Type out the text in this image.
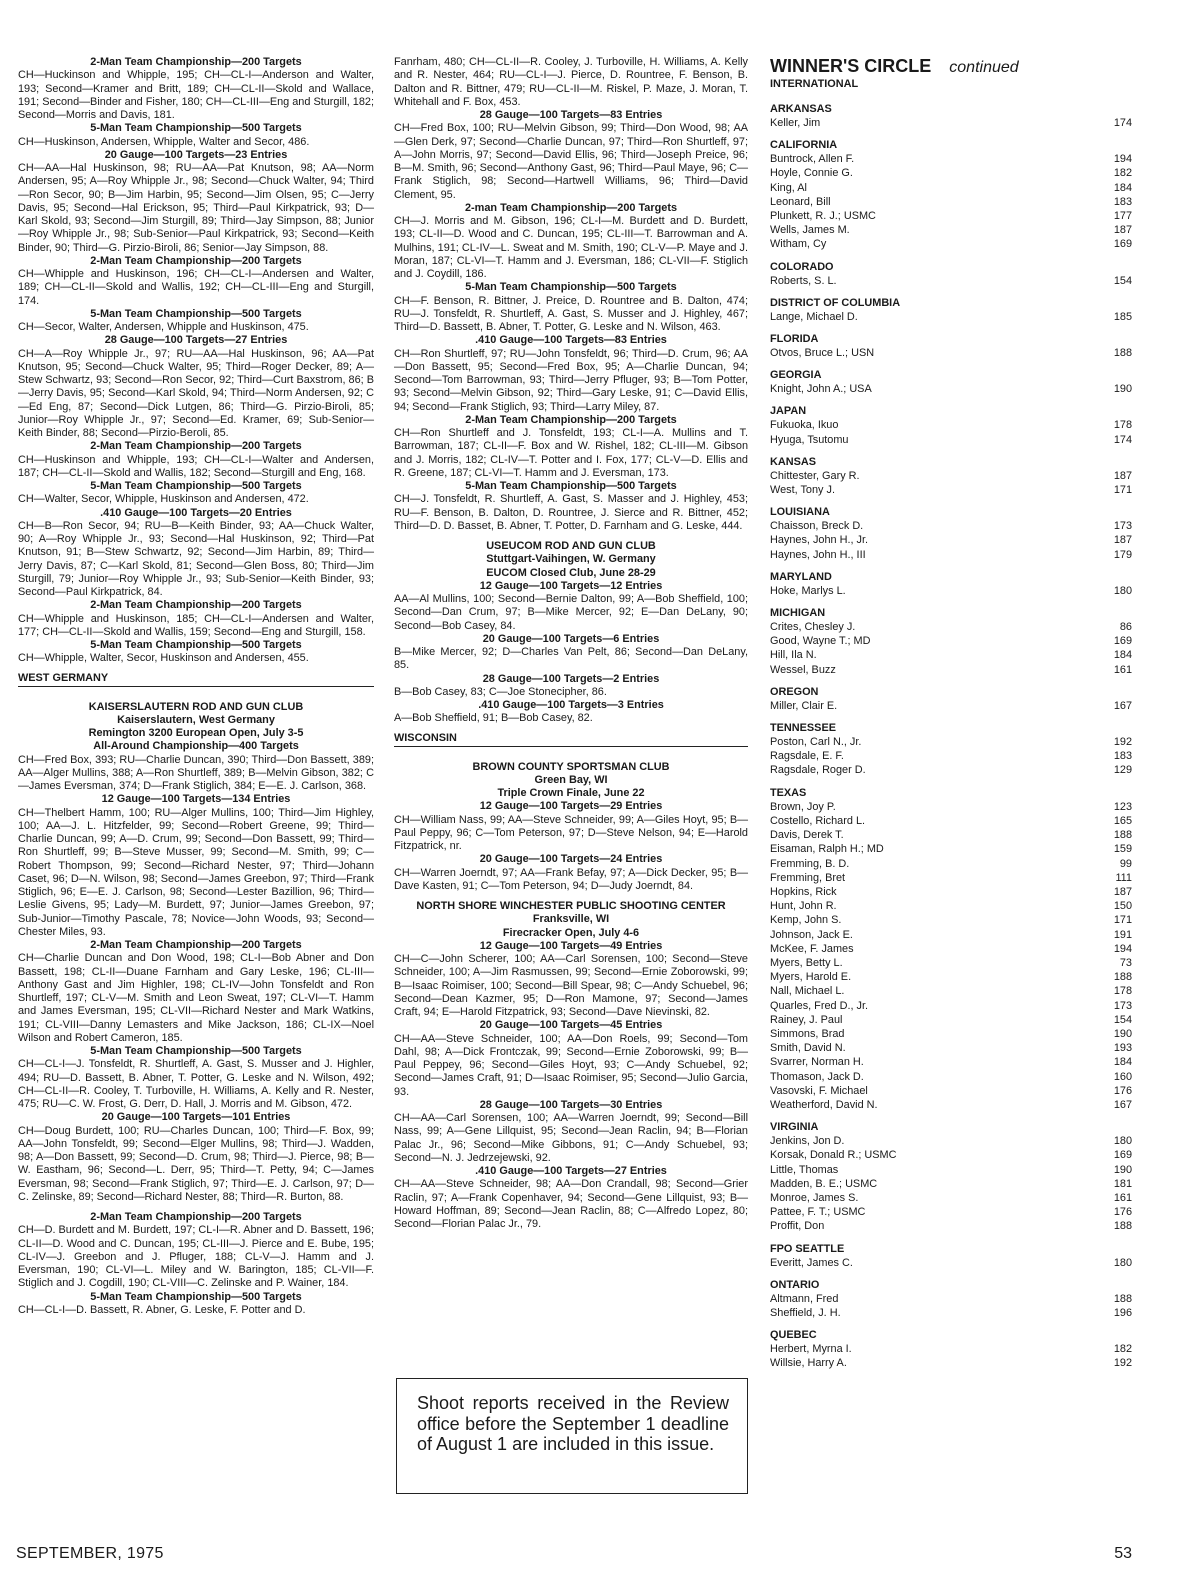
2-Man Team Championship—200 Targets
CH—Huckinson and Whipple, 195; CH—CL-I—Anderson and Walter, 193; Second—Kramer and Britt, 189; CH—CL-II—Skold and Wallace, 191; Second—Binder and Fisher, 180; CH—CL-III—Eng and Sturgill, 182; Second—Morris and Davis, 181.
5-Man Team Championship—500 Targets
CH—Huskinson, Andersen, Whipple, Walter and Secor, 486.
20 Gauge—100 Targets—23 Entries
CH—AA—Hal Huskinson, 98; RU—AA—Pat Knutson, 98; AA—Norm Andersen, 95; A—Roy Whipple Jr., 98; Second—Chuck Walter, 94; Third—Ron Secor, 90; B—Jim Harbin, 95; Second—Jim Olsen, 95; C—Jerry Davis, 95; Second—Hal Erickson, 95; Third—Paul Kirkpatrick, 93; D—Karl Skold, 93; Second—Jim Sturgill, 89; Third—Jay Simpson, 88; Junior—Roy Whipple Jr., 98; Sub-Senior—Paul Kirkpatrick, 93; Second—Keith Binder, 90; Third—G. Pirzio-Biroli, 86; Senior—Jay Simpson, 88.
2-Man Team Championship—200 Targets
CH—Whipple and Huskinson, 196; CH—CL-I—Andersen and Walter, 189; CH—CL-II—Skold and Wallis, 192; CH—CL-III—Eng and Sturgill, 174.
5-Man Team Championship—500 Targets
CH—Secor, Walter, Andersen, Whipple and Huskinson, 475.
28 Gauge—100 Targets—27 Entries
CH—A—Roy Whipple Jr., 97; RU—AA—Hal Huskinson, 96; AA—Pat Knutson, 95; Second—Chuck Walter, 95; Third—Roger Decker, 89; A—Stew Schwartz, 93; Second—Ron Secor, 92; Third—Curt Baxstrom, 86; B—Jerry Davis, 95; Second—Karl Skold, 94; Third—Norm Andersen, 92; C—Ed Eng, 87; Second—Dick Lutgen, 86; Third—G. Pirzio-Biroli, 85; Junior—Roy Whipple Jr., 97; Second—Ed. Kramer, 69; Sub-Senior—Keith Binder, 88; Second—Pirzio-Beroli, 85.
2-Man Team Championship—200 Targets
CH—Huskinson and Whipple, 193; CH—CL-I—Walter and Andersen, 187; CH—CL-II—Skold and Wallis, 182; Second—Sturgill and Eng, 168.
5-Man Team Championship—500 Targets
CH—Walter, Secor, Whipple, Huskinson and Andersen, 472.
.410 Gauge—100 Targets—20 Entries
CH—B—Ron Secor, 94; RU—B—Keith Binder, 93; AA—Chuck Walter, 90; A—Roy Whipple Jr., 93; Second—Hal Huskinson, 92; Third—Pat Knutson, 91; B—Stew Schwartz, 92; Second—Jim Harbin, 89; Third—Jerry Davis, 87; C—Karl Skold, 81; Second—Glen Boss, 80; Third—Jim Sturgill, 79; Junior—Roy Whipple Jr., 93; Sub-Senior—Keith Binder, 93; Second—Paul Kirkpatrick, 84.
2-Man Team Championship—200 Targets
CH—Whipple and Huskinson, 185; CH—CL-I—Andersen and Walter, 177; CH—CL-II—Skold and Wallis, 159; Second—Eng and Sturgill, 158.
5-Man Team Championship—500 Targets
CH—Whipple, Walter, Secor, Huskinson and Andersen, 455.
WEST GERMANY
KAISERSLAUTERN ROD AND GUN CLUB
Kaiserslautern, West Germany
Remington 3200 European Open, July 3-5
All-Around Championship—400 Targets
CH—Fred Box, 393; RU—Charlie Duncan, 390; Third—Don Bassett, 389; AA—Alger Mullins, 388; A—Ron Shurtleff, 389; B—Melvin Gibson, 382; C—James Eversman, 374; D—Frank Stiglich, 384; E—E. J. Carlson, 368.
12 Gauge—100 Targets—134 Entries
CH—Thelbert Hamm, 100; RU—Alger Mullins, 100; Third—Jim Highley, 100; AA—J. L. Hitzfelder, 99; Second—Robert Greene, 99; Third—Charlie Duncan, 99; A—D. Crum, 99; Second—Don Bassett, 99; Third—Ron Shurtleff, 99; B—Steve Musser, 99; Second—M. Smith, 99; C—Robert Thompson, 99; Second—Richard Nester, 97; Third—Johann Caset, 96; D—N. Wilson, 98; Second—James Greebon, 97; Third—Frank Stiglich, 96; E—E. J. Carlson, 98; Second—Lester Bazillion, 96; Third—Leslie Givens, 95; Lady—M. Burdett, 97; Junior—James Greebon, 97; Sub-Junior—Timothy Pascale, 78; Novice—John Woods, 93; Second—Chester Miles, 93.
2-Man Team Championship—200 Targets
CH—Charlie Duncan and Don Wood, 198; CL-I—Bob Abner and Don Bassett, 198; CL-II—Duane Farnham and Gary Leske, 196; CL-III—Anthony Gast and Jim Highler, 198; CL-IV—John Tonsfeldt and Ron Shurtleff, 197; CL-V—M. Smith and Leon Sweat, 197; CL-VI—T. Hamm and James Eversman, 195; CL-VII—Richard Nester and Mark Watkins, 191; CL-VIII—Danny Lemasters and Mike Jackson, 186; CL-IX—Noel Wilson and Robert Cameron, 185.
5-Man Team Championship—500 Targets
CH—CL-I—J. Tonsfeldt, R. Shurtleff, A. Gast, S. Musser and J. Highler, 494; RU—D. Bassett, B. Abner, T. Potter, G. Leske and N. Wilson, 492; CH—CL-II—R. Cooley, T. Turboville, H. Williams, A. Kelly and R. Nester, 475; RU—C. W. Frost, G. Derr, D. Hall, J. Morris and M. Gibson, 472.
20 Gauge—100 Targets—101 Entries
CH—Doug Burdett, 100; RU—Charles Duncan, 100; Third—F. Box, 99; AA—John Tonsfeldt, 99; Second—Elger Mullins, 98; Third—J. Wadden, 98; A—Don Bassett, 99; Second—D. Crum, 98; Third—J. Pierce, 98; B—W. Eastham, 96; Second—L. Derr, 95; Third—T. Petty, 94; C—James Eversman, 98; Second—Frank Stiglich, 97; Third—E. J. Carlson, 97; D—C. Zelinske, 89; Second—Richard Nester, 88; Third—R. Burton, 88.
2-Man Team Championship—200 Targets
CH—D. Burdett and M. Burdett, 197; CL-I—R. Abner and D. Bassett, 196; CL-II—D. Wood and C. Duncan, 195; CL-III—J. Pierce and E. Bube, 195; CL-IV—J. Greebon and J. Pfluger, 188; CL-V—J. Hamm and J. Eversman, 190; CL-VI—L. Miley and W. Barington, 185; CL-VII—F. Stiglich and J. Cogdill, 190; CL-VIII—C. Zelinske and P. Wainer, 184.
5-Man Team Championship—500 Targets
CH—CL-I—D. Bassett, R. Abner, G. Leske, F. Potter and D.
Fanrham, 480; CH—CL-II—R. Cooley, J. Turboville, H. Williams, A. Kelly and R. Nester, 464; RU—CL-I—J. Pierce, D. Rountree, F. Benson, B. Dalton and R. Bittner, 479; RU—CL-II—M. Riskel, P. Maze, J. Moran, T. Whitehall and F. Box, 453.
28 Gauge—100 Targets—83 Entries
CH—Fred Box, 100; RU—Melvin Gibson, 99; Third—Don Wood, 98; AA—Glen Derk, 97; Second—Charlie Duncan, 97; Third—Ron Shurtleff, 97; A—John Morris, 97; Second—David Ellis, 96; Third—Joseph Preice, 96; B—M. Smith, 96; Second—Anthony Gast, 96; Third—Paul Maye, 96; C—Frank Stiglich, 98; Second—Hartwell Williams, 96; Third—David Clement, 95.
2-man Team Championship—200 Targets
CH—J. Morris and M. Gibson, 196; CL-I—M. Burdett and D. Burdett, 193; CL-II—D. Wood and C. Duncan, 195; CL-III—T. Barrowman and A. Mulhins, 191; CL-IV—L. Sweat and M. Smith, 190; CL-V—P. Maye and J. Moran, 187; CL-VI—T. Hamm and J. Eversman, 186; CL-VII—F. Stiglich and J. Coydill, 186.
5-Man Team Championship—500 Targets
CH—F. Benson, R. Bittner, J. Preice, D. Rountree and B. Dalton, 474; RU—J. Tonsfeldt, R. Shurtleff, A. Gast, S. Musser and J. Highley, 467; Third—D. Bassett, B. Abner, T. Potter, G. Leske and N. Wilson, 463.
.410 Gauge—100 Targets—83 Entries
CH—Ron Shurtleff, 97; RU—John Tonsfeldt, 96; Third—D. Crum, 96; AA—Don Bassett, 95; Second—Fred Box, 95; A—Charlie Duncan, 94; Second—Tom Barrowman, 93; Third—Jerry Pfluger, 93; B—Tom Potter, 93; Second—Melvin Gibson, 92; Third—Gary Leske, 91; C—David Ellis, 94; Second—Frank Stiglich, 93; Third—Larry Miley, 87.
2-Man Team Championship—200 Targets
CH—Ron Shurtleff and J. Tonsfeldt, 193; CL-I—A. Mullins and T. Barrowman, 187; CL-II—F. Box and W. Rishel, 182; CL-III—M. Gibson and J. Morris, 182; CL-IV—T. Potter and I. Fox, 177; CL-V—D. Ellis and R. Greene, 187; CL-VI—T. Hamm and J. Eversman, 173.
5-Man Team Championship—500 Targets
CH—J. Tonsfeldt, R. Shurtleff, A. Gast, S. Masser and J. Highley, 453; RU—F. Benson, B. Dalton, D. Rountree, J. Sierce and R. Bittner, 452; Third—D. D. Basset, B. Abner, T. Potter, D. Farnham and G. Leske, 444.
USEUCOM ROD AND GUN CLUB
Stuttgart-Vaihingen, W. Germany
EUCOM Closed Club, June 28-29
12 Gauge—100 Targets—12 Entries
AA—Al Mullins, 100; Second—Bernie Dalton, 99; A—Bob Sheffield, 100; Second—Dan Crum, 97; B—Mike Mercer, 92; E—Dan DeLany, 90; Second—Bob Casey, 84.
20 Gauge—100 Targets—6 Entries
B—Mike Mercer, 92; D—Charles Van Pelt, 86; Second—Dan DeLany, 85.
28 Gauge—100 Targets—2 Entries
B—Bob Casey, 83; C—Joe Stonecipher, 86.
.410 Gauge—100 Targets—3 Entries
A—Bob Sheffield, 91; B—Bob Casey, 82.
WISCONSIN
BROWN COUNTY SPORTSMAN CLUB
Green Bay, WI
Triple Crown Finale, June 22
12 Gauge—100 Targets—29 Entries
CH—William Nass, 99; AA—Steve Schneider, 99; A—Giles Hoyt, 95; B—Paul Peppy, 96; C—Tom Peterson, 97; D—Steve Nelson, 94; E—Harold Fitzpatrick, nr.
20 Gauge—100 Targets—24 Entries
CH—Warren Joerndt, 97; AA—Frank Befay, 97; A—Dick Decker, 95; B—Dave Kasten, 91; C—Tom Peterson, 94; D—Judy Joerndt, 84.
NORTH SHORE WINCHESTER PUBLIC SHOOTING CENTER
Franksville, WI
Firecracker Open, July 4-6
12 Gauge—100 Targets—49 Entries
CH—C—John Scherer, 100; AA—Carl Sorensen, 100; Second—Steve Schneider, 100; A—Jim Rasmussen, 99; Second—Ernie Zoborowski, 99; B—Isaac Roimiser, 100; Second—Bill Spear, 98; C—Andy Schuebel, 96; Second—Dean Kazmer, 95; D—Ron Mamone, 97; Second—James Craft, 94; E—Harold Fitzpatrick, 93; Second—Dave Nievinski, 82.
20 Gauge—100 Targets—45 Entries
CH—AA—Steve Schneider, 100; AA—Don Roels, 99; Second—Tom Dahl, 98; A—Dick Frontczak, 99; Second—Ernie Zoborowski, 99; B—Paul Peppey, 96; Second—Giles Hoyt, 93; C—Andy Schuebel, 92; Second—James Craft, 91; D—Isaac Roimiser, 95; Second—Julio Garcia, 93.
28 Gauge—100 Targets—30 Entries
CH—AA—Carl Sorensen, 100; AA—Warren Joerndt, 99; Second—Bill Nass, 99; A—Gene Lillquist, 95; Second—Jean Raclin, 94; B—Florian Palac Jr., 96; Second—Mike Gibbons, 91; C—Andy Schuebel, 93; Second—N. J. Jedrzejewski, 92.
.410 Gauge—100 Targets—27 Entries
CH—AA—Steve Schneider, 98; AA—Don Crandall, 98; Second—Grier Raclin, 97; A—Frank Copenhaver, 94; Second—Gene Lillquist, 93; B—Howard Hoffman, 89; Second—Jean Raclin, 88; C—Alfredo Lopez, 80; Second—Florian Palac Jr., 79.
WINNER'S CIRCLE continued
INTERNATIONAL
ARKANSAS
Keller, Jim	174
CALIFORNIA
Buntrock, Allen F.	194
Hoyle, Connie G.	182
King, Al	184
Leonard, Bill	183
Plunkett, R. J.; USMC	177
Wells, James M.	187
Witham, Cy	169
COLORADO
Roberts, S. L.	154
DISTRICT OF COLUMBIA
Lange, Michael D.	185
FLORIDA
Otvos, Bruce L.; USN	188
GEORGIA
Knight, John A.; USA	190
JAPAN
Fukuoka, Ikuo	178
Hyuga, Tsutomu	174
KANSAS
Chittester, Gary R.	187
West, Tony J.	171
LOUISIANA
Chaisson, Breck D.	173
Haynes, John H., Jr.	187
Haynes, John H., III	179
MARYLAND
Hoke, Marlys L.	180
MICHIGAN
Crites, Chesley J.	86
Good, Wayne T.; MD	169
Hill, Ila N.	184
Wessel, Buzz	161
OREGON
Miller, Clair E.	167
TENNESSEE
Poston, Carl N., Jr.	192
Ragsdale, E. F.	183
Ragsdale, Roger D.	129
TEXAS
Brown, Joy P.	123
Costello, Richard L.	165
Davis, Derek T.	188
Eisaman, Ralph H.; MD	159
Fremming, B. D.	99
Fremming, Bret	111
Hopkins, Rick	187
Hunt, John R.	150
Kemp, John S.	171
Johnson, Jack E.	191
McKee, F. James	194
Myers, Betty L.	73
Myers, Harold E.	188
Nall, Michael L.	178
Quarles, Fred D., Jr.	173
Rainey, J. Paul	154
Simmons, Brad	190
Smith, David N.	193
Svarrer, Norman H.	184
Thomason, Jack D.	160
Vasovski, F. Michael	176
Weatherford, David N.	167
VIRGINIA
Jenkins, Jon D.	180
Korsak, Donald R.; USMC	169
Little, Thomas	190
Madden, B. E.; USMC	181
Monroe, James S.	161
Pattee, F. T.; USMC	176
Proffit, Don	188
FPO SEATTLE
Everitt, James C.	180
ONTARIO
Altmann, Fred	188
Sheffield, J. H.	196
QUEBEC
Herbert, Myrna I.	182
Willsie, Harry A.	192
Shoot reports received in the Review office before the September 1 deadline of August 1 are included in this issue.
SEPTEMBER, 1975	53
